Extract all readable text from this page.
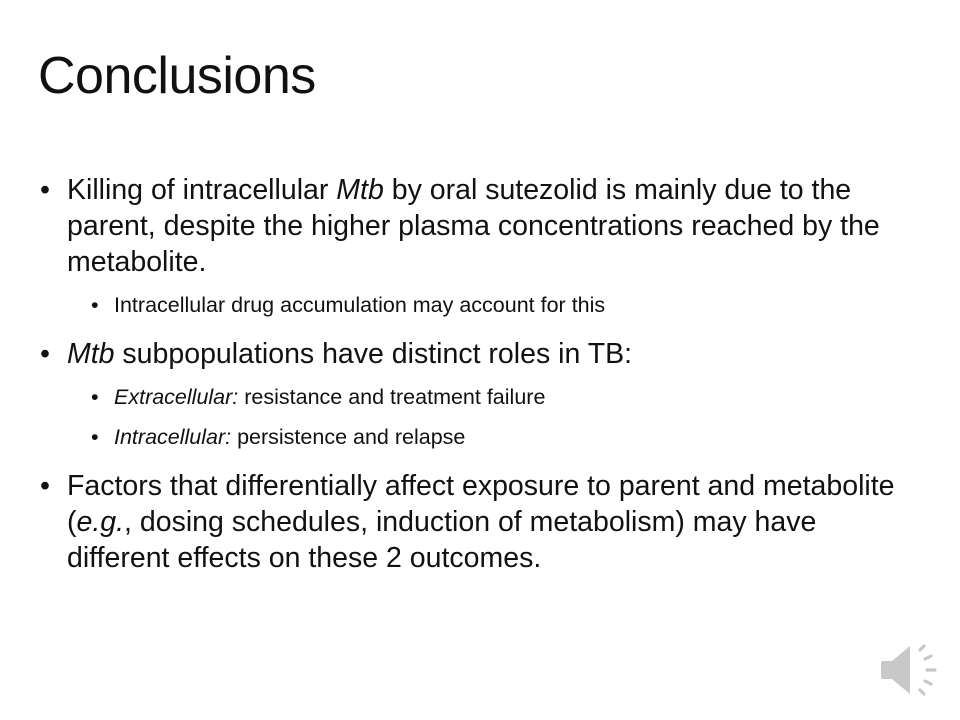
Conclusions
• Killing of intracellular Mtb by oral sutezolid is mainly due to the parent, despite the higher plasma concentrations reached by the metabolite.
• Intracellular drug accumulation may account for this
• Mtb subpopulations have distinct roles in TB:
• Extracellular: resistance and treatment failure
• Intracellular: persistence and relapse
• Factors that differentially affect exposure to parent and metabolite (e.g., dosing schedules, induction of metabolism) may have different effects on these 2 outcomes.
